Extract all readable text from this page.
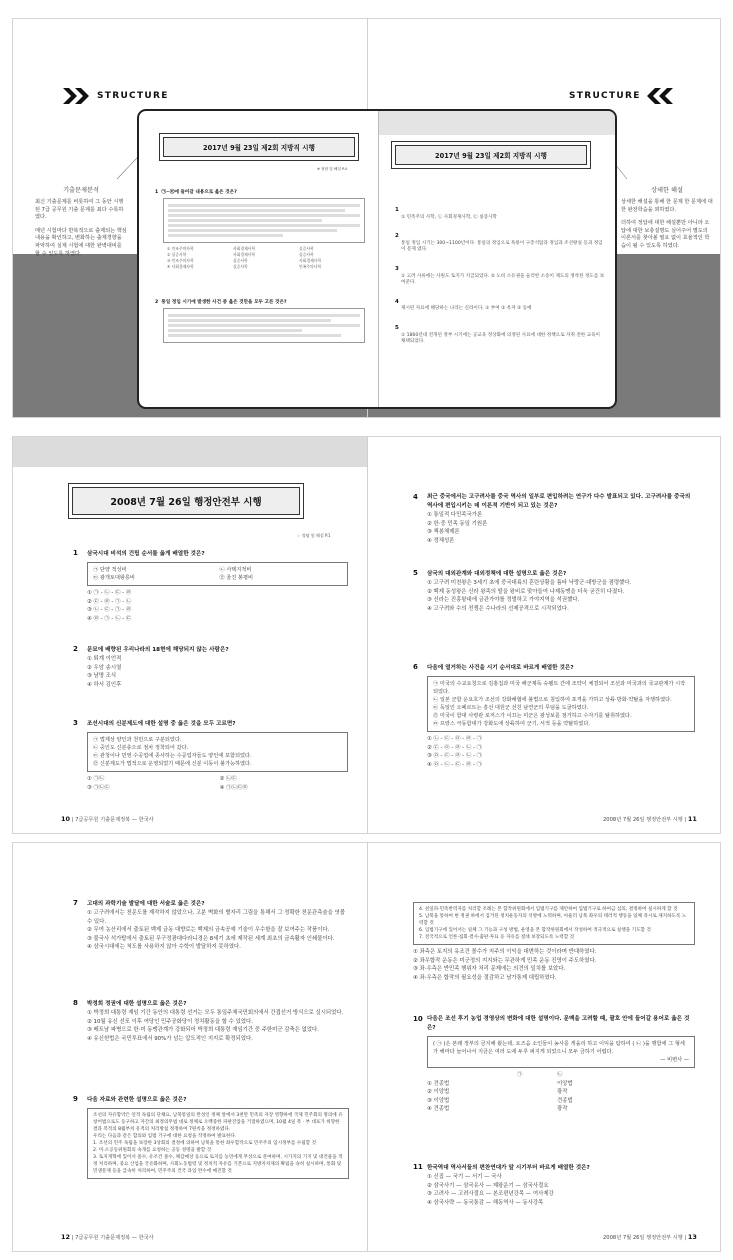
STRUCTURE	STRUCTURE
기출문제분석

최신 기출문제를 비롯하여 그 동안 시행된 7급 공무원 기출 문제를 최다 수록하였다.

매년 시험마다 반복적으로 출제되는 핵심내용을 확인하고, 변화하는 출제경향을 파악하여 실제 시험에 대한 완벽대비를 할 수 있도록 하였다.

상세한 해설

상세한 해설을 통해 한 문제 한 문제에 대한 완전학습을 꾀하였다.

더하여 정답에 대한 해설뿐만 아니라 오답에 대한 보충설명도 실어주어 별도의 이론서를 찾아볼 필요 없이 효율적인 학습이 될 수 있도록 하였다.

2017년 9월 23일 제2회 지방직 시행
2017년 9월 23일 제2회 지방직 시행
※ 정답 및 해설 P.4
1 ㉠~㉣에 들어갈 내용으로 옳은 것은?
① 인조주의사학	사회경제사학	실증사학
② 실증사학	사회경제사학	실증사학
③ 인조주의사학	실증사학	사회경제사학
④ 사회경제사학	실증사학	민족주의사학
2 통일 정입 시기에 발생한 사건 중 옳은 것만을 모두 고른 것은?
1
① 민족주의 사학, ㉡ 사회경제사학, ㉢ 실증사학
2
통일 정입 시기는 300~1100년이다. 통일의 정입으로 흑룡이 구층석탑과 정입과 조선왕실 등과 정입이 문제 였다.
3
① 고려 사류에는 사원도 토지가 지급되었다. ② 노비 소유권을 둘러싼 소송이 제도의 정착된 정도를 보여준다.
4
제시된 자료에 해당하는 나라는 신라이다. ① 부여 ② 옥저 ③ 동예
5
① 1860년대 전개된 정부 시기에는 공교육 정상화에 의정된 사료에 대한 정책으로 자취 전한 교육이 채택되었다.
2008년 7월 26일 행정안전부 시행
☞ 정답 및 해설 P.1
1 삼국시대 비석의 건립 순서를 옳게 배열한 것은?
㉠ 단양 적성비	㉡ 사택지적비
㉢ 광개토대왕릉비	㉣ 울진 봉평비
① ㉠ - ㉡ - ㉢ - ㉣
② ㉢ - ㉣ - ㉠ - ㉡
③ ㉡ - ㉢ - ㉠ - ㉣
④ ㉣ - ㉠ - ㉡ - ㉢
2 문묘에 배향된 우리나라의 18현에 해당되지 않는 사람은?
① 퇴계 이언적
② 우암 송시열
③ 남명 조식
④ 하서 김인후
3 조선시대의 신분제도에 대한 설명 중 옳은 것을 모두 고르면?
㉠ 법제상 양인과 천민으로 구분되었다.
㉡ 중인도 신분층으로 점차 정착되어 갔다.
㉢ 관청이나 민영 수공업에 종사하는 수공업자들도 양인에 포함되었다.
㉣ 신분제도가 법적으로 운영되었기 때문에 신분 이동이 불가능하였다.
① ㉠㉡	② ㉡㉢
③ ㉠㉡㉢	④ ㉠㉡㉢㉣
10 | 7급공무원 기출문제정복 — 한국사
4	최근 중국에서는 고구려사를 중국 역사의 일부로 편입하려는 연구가 다수 발표되고 있다. 고구려사를 중국의 역사에 편입시키는 데 이론적 기반이 되고 있는 것은?
① 통일적 다민족국가론
② 한·중 민족 동일 기원론
③ 책봉체제론
④ 정체성론
5 삼국의 대외관계와 대외정책에 대한 설명으로 옳은 것은?
① 고구려 미천왕은 3세기 초에 중국대륙의 혼란상황을 틈타 낙랑군·대방군을 점령했다.
② 백제 동성왕은 신라 왕족의 딸을 왕비로 맞아들여 나제동맹을 더욱 굳건히 다졌다.
③ 신라는 진흥왕대에 금관가야를 정벌하고 가야지역을 석권했다.
④ 고구려와 수의 전쟁은 수나라의 선제공격으로 시작되었다.
6 다음에 열거하는 사건을 시기 순서대로 바르게 배열한 것은?
㉠ 미국의 수교요청으로 김홍집과 미국 해군제독 슈펠트 간에 조약이 체결되어 조선과 미국과의 국교관계가 시작되었다.
㉡ 일본 군함 운요호가 조선의 강화해협에 불법으로 침입하여 포격을 가하고 상륙·방화·약탈을 자행하였다.
㉢ 독일인 오페르트는 흥선 대원군 선친 남연군의 무덤을 도굴하였다.
㉣ 미국이 함대 사령관 로저스가 이끄는 미군은 광성보를 점거하고 수자기를 탈취하였다.
㉤ 프랑스 극동함대가 강화도에 상륙하여 군기, 서적 등을 약탈하였다.
① ㉡ - ㉢ - ㉤ - ㉣ - ㉠
② ㉢ - ㉤ - ㉣ - ㉡ - ㉠
③ ㉤ - ㉢ - ㉣ - ㉡ - ㉠
④ ㉤ - ㉡ - ㉢ - ㉣ - ㉠
2008년 7월 26일 행정안전부 시행 | 11
7 고대의 과학기술 발달에 대한 서술로 옳은 것은?
① 고구려에서는 천문도를 제작하지 않았으나, 고분 벽화의 별자리 그림을 통해서 그 정확한 천문관측술을 엿볼 수 있다.
② 무여 농산리에서 출토된 백제 금동 대향로는 백제의 금속공예 기술이 우수함을 잘 보여주는 작품이다.
③ 불국사 석가탑에서 출토된 무구정광대다라니경은 8세기 초에 제작된 세계 최초의 금속활자 인쇄물이다.
④ 삼국시대에는 척도를 사용하지 않아 수학이 발달하지 못하였다.
8 박정희 정권에 대한 설명으로 옳은 것은?
① 박정희 대통령 재임 기간 동안의 대통령 선거는 모두 통일주체국민회의에서 간접선거 방식으로 실시되었다.
② 10월 유신 선포 이후 여당인 민주공화당이 정치활동을 할 수 있었다.
③ 베트남 파병으로 한·미 동맹관계가 강화되어 박정희 대통령 재임기간 중 주한미군 감축은 없었다.
④ 유신헌법은 국민투표에서 90%가 넘는 압도적인 지지로 확정되었다.
9 다음 자료와 관련한 설명으로 옳은 것은?
조선의 자유함약은 연적 독립의 단체요, 남북통일의 완성인 정체 앞에서 3천만 민족의 자장 영향하에 국제 민주회의 명의에 유창어법으로도 등구하고 자간의 최정의무법 대로 정체로 오백중한 파판진압을 거점하였으며, 10월 4일 폭 · 부 대표가 희망한 결과 폭적의 8월부쳐 유적의 처리방침 정정하여 7원칙을 정정하였다.
우리는 다음과 같은 합의와 입법 기구에 대한 요청을 작정하여 발표한다.
1. 조선의 민주 독립을 보장한 3상회의 결정에 의하여 남북을 통한 좌우합작으로 민주주의 임시정부를 수립할 것
2. 미·소공동위원회의 속개를 요청하는 공동 성명을 발할 것
3. 토지개혁에 있어서 몰수, 유조건 몰수, 체감매상 등으로 토지를 농민에게 무상으로 분여하며, 시가지의 기지 및 대건물을 적정 처리하며, 중요 산업을 국유화하며, 사회노동법령 및 정치적 자유를 기본으로 지방자치제의 확립을 속히 실시하며, 통화 및 민생문제 등을 급속히 처리하여, 민주주의 건국 과업 완수에 매진할 것
12 | 7급공무원 기출문제정복 — 한국사
4. 친일파·민족반역자를 처리할 조례는 본 합작위원회에서 입법기구를 제안하여 입법기구로 하여금 심의, 결정하여 실시하게 할 것
5. 남북을 통하여 현 정권 하에서 검거된 정치운동자의 석방에 노력하며, 아울러 남북 좌우의 테러적 행동을 일체 즉시로 제지하도록 노력할 것
6. 입법기구에 있어서는 일체 그 기능과 구성 방법, 운영을 본 합작위원회에서 작성하여 적극적으로 실행을 기도할 것
7. 전국적으로 언론·집회·결사·출판·투표 등 자유를 절대 보장되도록 노력할 것
① 좌측은 토지의 유조건 몰수가 지주의 이익을 대변하는 것이라며 반대하였다.
② 좌우합작 운동은 미군정의 지지와는 무관하게 민족 운동 진영이 주도하였다.
③ 좌·우측은 반민족 행위자 처리 문제에는 의견의 일치를 보았다.
④ 좌·우측은 합작의 필요성을 절감하고 남가통제 대립하였다.
10 다음은 조선 후기 농업 경영상의 변화에 대한 설명이다. 문맥을 고려할 때, 괄호 안에 들어갈 용어로 옳은 것은?
( ㉠ )은 본래 정부의 금지해 왔는데, 요즈음 소인들이 농사를 게을리 하고 이익을 탐하여 ( ㉡ )을 행함에 그 형세가 해마다 늘어나서 지금은 여러 도에 두루 퍼지게 되었으니 모두 금하기 어렵다.
— 비변사 —
㉠	㉡
① 견종법	이앙법
② 이앙법	광작
③ 이앙법	견종법
④ 견종법	광작
11 한국역대 역사서들의 편찬연대가 앞 시기부터 바르게 배열한 것은?
① 신집 — 국기 — 서기 — 국사
② 삼국사기 — 삼국유사 — 제왕운기 — 삼국사절요
③ 고려사 — 고려사절요 — 본조편년강목 — 여사제강
④ 삼국사략 — 동국통감 — 해동역사 — 동사강목
2008년 7월 26일 행정안전부 시행 | 13
